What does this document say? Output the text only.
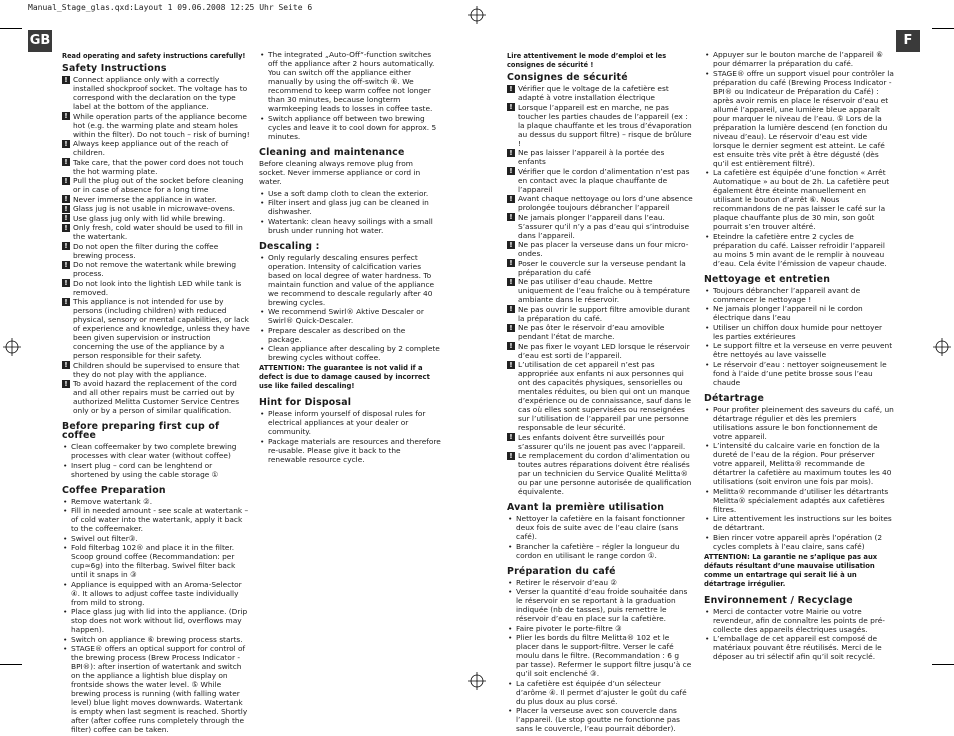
Manual_Stage_glas.qxd:Layout 1 09.06.2008 12:25 Uhr Seite 6
GB	F
Read operating and safety instructions carefully!
Safety Instructions
! Connect appliance only with a correctly installed shockproof socket. The voltage has to correspond with the declaration on the type label at the bottom of the appliance.
! While operation parts of the appliance become hot (e.g. the warming plate and steam holes within the filter). Do not touch – risk of burning!
! Always keep appliance out of the reach of children.
! Take care, that the power cord does not touch the hot warming plate.
! Pull the plug out of the socket before cleaning or in case of absence for a long time
! Never immerse the appliance in water.
! Glass jug is not usable in microwave-ovens.
! Use glass jug only with lid while brewing.
! Only fresh, cold water should be used to fill in the watertank.
! Do not open the filter during the coffee brewing process.
! Do not remove the watertank while brewing process.
! Do not look into the lightish LED while tank is removed.
! This appliance is not intended for use by persons (including children) with reduced physical, sensory or mental capabilities, or lack of experience and knowledge, unless they have been given supervision or instruction concerning the use of the appliance by a person responsible for their safety.
! Children should be supervised to ensure that they do not play with the appliance.
! To avoid hazard the replacement of the cord and all other repairs must be carried out by authorized Melitta Customer Service Centres only or by a person of similar qualification.
Before preparing first cup of coffee
• Clean coffeemaker by two complete brewing processes with clear water (without coffee)
• Insert plug – cord can be lenghtend or shortened by using the cable storage ①
Coffee Preparation
• Remove watertank ②.
• Fill in needed amount - see scale at watertank – of cold water into the watertank, apply it back to the coffeemaker.
• Swivel out filter③.
• Fold filterbag 102® and place it in the filter. Scoop ground coffee (Recommandation: per cup≈6g) into the filterbag. Swivel filter back until it snaps in ③
• Appliance is equipped with an Aroma-Selector ④. It allows to adjust coffee taste individually from mild to strong.
• Place glass jug with lid into the appliance. (Drip stop does not work without lid, overflows may happen).
• Switch on appliance ⑥ brewing process starts.
• STAGE® offers an optical support for control of the brewing process (Brew Process Indicator - BPI®): after insertion of watertank and switch on the appliance a lightish blue display on frontside shows the water level. ⑤ While brewing process is running (with falling water level) blue light moves downwards. Watertank is empty when last segment is reached. Shortly after (after coffee runs completely through the filter) coffee can be taken.
• The integrated „Auto-Off“-function switches off the appliance after 2 hours automatically. You can switch off the appliance either manually by using the off-switch ⑥. We recommend to keep warm coffee not longer than 30 minutes, because longterm warmkeeping leads to losses in coffee taste.
• Switch appliance off between two brewing cycles and leave it to cool down for approx. 5 minutes.
Cleaning and maintenance

Before cleaning always remove plug from socket. Never immerse appliance or cord in water.

• Use a soft damp cloth to clean the exterior.
• Filter insert and glass jug can be cleaned in dishwasher.
• Watertank: clean heavy soilings with a small brush under running hot water.
Descaling :
• Only regularly descaling ensures perfect operation. Intensity of calcification varies based on local degree of water hardness. To maintain function and value of the appliance we recommend to descale regularly after 40 brewing cycles.
• We recommend Swirl® Aktive Descaler or Swirl® Quick-Descaler.
• Prepare descaler as described on the package.
• Clean appliance after descaling by 2 complete brewing cycles without coffee.

ATTENTION: The guarantee is not valid if a defect is due to damage caused by incorrect use like failed descaling!

Hint for Disposal
• Please inform yourself of disposal rules for electrical appliances at your dealer or community.
• Package materials are resources and therefore re-usable. Please give it back to the renewable resource cycle.
Lire attentivement le mode d’emploi et les consignes de sécurité !
Consignes de sécurité
! Vérifier que le voltage de la cafetière est adapté à votre installation électrique
! Lorsque l’appareil est en marche, ne pas toucher les parties chaudes de l’appareil (ex : la plaque chauffante et les trous d’évaporation au dessus du support filtre) – risque de brûlure !
! Ne pas laisser l’appareil à la portée des enfants
! Vérifier que le cordon d’alimentation n’est pas en contact avec la plaque chauffante de l’appareil
! Avant chaque nettoyage ou lors d’une absence prolongée toujours débrancher l’appareil
! Ne jamais plonger l’appareil dans l’eau. S’assurer qu’il n’y a pas d’eau qui s’introduise dans l’appareil.
! Ne pas placer la verseuse dans un four micro-ondes.
! Poser le couvercle sur la verseuse pendant la préparation du café
! Ne pas utiliser d’eau chaude. Mettre uniquement de l’eau fraîche ou à température ambiante dans le réservoir.
! Ne pas ouvrir le support filtre amovible durant la préparation du café.
! Ne pas ôter le réservoir d’eau amovible pendant l’état de marche.
! Ne pas fixer le voyant LED lorsque le réservoir d’eau est sorti de l’appareil.
! L’utilisation de cet appareil n’est pas appropriée aux enfants ni aux personnes qui ont des capacités physiques, sensorielles ou mentales réduites, ou bien qui ont un manque d’expérience ou de connaissance, sauf dans le cas où elles sont supervisées ou renseignées sur l’utilisation de l’appareil par une personne responsable de leur sécurité.
! Les enfants doivent être surveillés pour s’assurer qu’ils ne jouent pas avec l’appareil.
! Le remplacement du cordon d’alimentation ou toutes autres réparations doivent être réalisés par un technicien du Service Qualité Melitta® ou par une personne autorisée de qualification équivalente.
Avant la première utilisation
• Nettoyer la cafetière en la faisant fonctionner deux fois de suite avec de l’eau claire (sans café).
• Brancher la cafetière – régler la longueur du cordon en utilisant le range cordon ①.
Préparation du café
• Retirer le réservoir d’eau ②
• Verser la quantité d’eau froide souhaitée dans le réservoir en se reportant à la graduation indiquée (nb de tasses), puis remettre le réservoir d’eau en place sur la cafetière.
• Faire pivoter le porte-filtre ③
• Plier les bords du filtre Melitta® 102 et le placer dans le support-filtre. Verser le café moulu dans le filtre. (Recommandation : 6 g par tasse). Refermer le support filtre jusqu’à ce qu’il soit enclenché ③.
• La cafetière est équipée d’un sélecteur d’arôme ④. Il permet d’ajuster le goût du café du plus doux au plus corsé.
• Placer la verseuse avec son couvercle dans l’appareil. (Le stop goutte ne fonctionne pas sans le couvercle, l’eau pourrait déborder).
• Appuyer sur le bouton marche de l’appareil ⑥ pour démarrer la préparation du café.
• STAGE® offre un support visuel pour contrôler la préparation du café (Brewing Process Indicator - BPI® ou Indicateur de Préparation du Café) : après avoir remis en place le réservoir d’eau et allumé l’appareil, une lumière bleue apparaît pour marquer le niveau de l’eau. ⑤ Lors de la préparation la lumière descend (en fonction du niveau d’eau). Le réservoir d’eau est vide lorsque le dernier segment est atteint. Le café est ensuite très vite prêt à être dégusté (dès qu’il est entièrement filtré).
• La cafetière est équipée d’une fonction « Arrêt Automatique » au bout de 2h. La cafetière peut également être éteinte manuellement en utilisant le bouton d’arrêt ⑥. Nous recommandons de ne pas laisser le café sur la plaque chauffante plus de 30 min, son goût pourrait s’en trouver altéré.
• Eteindre la cafetière entre 2 cycles de préparation du café. Laisser refroidir l’appareil au moins 5 min avant de le remplir à nouveau d’eau. Cela évite l’émission de vapeur chaude.
Nettoyage et entretien
• Toujours débrancher l’appareil avant de commencer le nettoyage !
• Ne jamais plonger l’appareil ni le cordon électrique dans l’eau
• Utiliser un chiffon doux humide pour nettoyer les parties extérieures
• Le support filtre et la verseuse en verre peuvent être nettoyés au lave vaisselle
• Le réservoir d’eau : nettoyer soigneusement le fond à l’aide d’une petite brosse sous l’eau chaude
Détartrage
• Pour profiter pleinement des saveurs du café, un détartrage régulier et dès les premiers utilisations assure le bon fonctionnement de votre appareil.
• L’intensité du calcaire varie en fonction de la dureté de l’eau de la région. Pour préserver votre appareil, Melitta® recommande de détartrer la cafetière au maximum toutes les 40 utilisations (soit environ une fois par mois).
• Melitta® recommande d’utiliser les détartrants Melitta® spécialement adaptés aux cafetières filtres.
• Lire attentivement les instructions sur les boites de détartrant.
• Bien rincer votre appareil après l’opération (2 cycles complets à l’eau claire, sans café)

ATTENTION: La garantie ne s’aplique pas aux défauts résultant d’une mauvaise utilisation comme un entartrage qui serait lié à un détartrage irrégulier.

Environnement / Recyclage
• Merci de contacter votre Mairie ou votre revendeur, afin de connaître les points de pré-collecte des appareils électriques usagés.
• L’emballage de cet appareil est composé de matériaux pouvant être réutilisés. Merci de le déposer au tri sélectif afin qu’il soit recyclé.
